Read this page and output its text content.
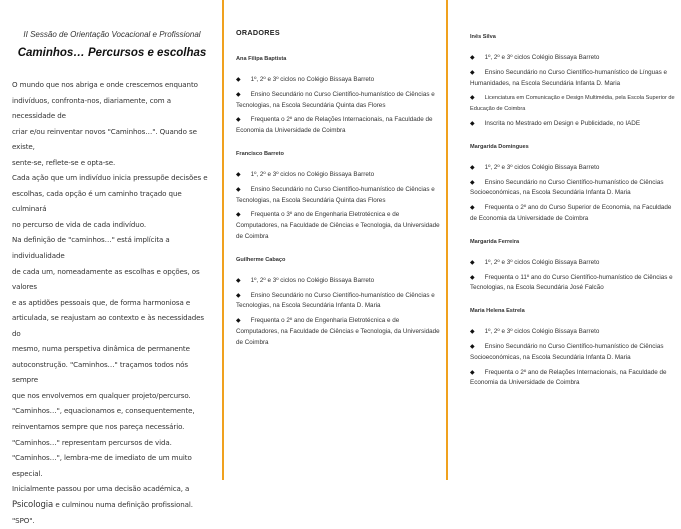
II Sessão de Orientação Vocacional e Profissional
Caminhos… Percursos e escolhas

O mundo que nos abriga e onde crescemos enquanto

indivíduos, confronta-nos, diariamente, com a necessidade de

criar e/ou reinventar novos "Caminhos…". Quando se existe,

sente-se, reflete-se e opta-se.

Cada ação que um indivíduo inicia pressupõe decisões e

escolhas, cada opção é um caminho traçado que culminará

no percurso de vida de cada indivíduo.

Na definição de "caminhos…" está implícita a individualidade

de cada um, nomeadamente as escolhas e opções, os valores

e as aptidões pessoais que, de forma harmoniosa e

articulada, se reajustam ao contexto e às necessidades do

mesmo, numa perspetiva dinâmica de permanente

autoconstrução. "Caminhos…" traçamos todos nós sempre

que nos envolvemos em qualquer projeto/percurso.

"Caminhos…", equacionamos e, consequentemente,

reinventamos sempre que nos pareça necessário.

"Caminhos…" representam percursos de vida.

"Caminhos…", lembra-me de imediato de um muito especial.

Inicialmente passou por uma decisão académica, a

Psicologia e culminou numa definição profissional. "SPO".

ORADORES
Ana Filipa Baptista
◆ 1º, 2º e 3º ciclos no Colégio Bissaya Barreto
◆ Ensino Secundário no Curso Científico-humanístico de Ciências e Tecnologias, na Escola Secundária Quinta das Flores
◆ Frequenta o 2º ano de Relações Internacionais, na Faculdade de Economia da Universidade de Coimbra
Francisco Barreto
◆ 1º, 2º e 3º ciclos no Colégio Bissaya Barreto
◆ Ensino Secundário no Curso Científico-humanístico de Ciências e Tecnologias, na Escola Secundária Quinta das Flores
◆ Frequenta o 3º ano de Engenharia Eletrotécnica e de Computadores, na Faculdade de Ciências e Tecnologia, da Universidade de Coimbra
Guilherme Cabaço
◆ 1º, 2º e 3º ciclos no Colégio Bissaya Barreto
◆ Ensino Secundário no Curso Científico-humanístico de Ciências e Tecnologias, na Escola Secundária Infanta D. Maria
◆ Frequenta o 2º ano de Engenharia Eletrotécnica e de Computadores, na Faculdade de Ciências e Tecnologia, da Universidade de Coimbra
Inês Silva
◆ 1º, 2º e 3º ciclos Colégio Bissaya Barreto
◆ Ensino Secundário no Curso Científico-humanístico de Línguas e Humanidades, na Escola Secundária Infanta D. Maria
◆ Licenciatura em Comunicação e Design Multimédia, pela Escola Superior de Educação de Coimbra
◆ Inscrita no Mestrado em Design e Publicidade, no IADE
Margarida Domingues
◆ 1º, 2º e 3º ciclos Colégio Bissaya Barreto
◆ Ensino Secundário no Curso Científico-humanístico de Ciências Socioeconómicas, na Escola Secundária Infanta D. Maria
◆ Frequenta o 2º ano do Curso Superior de Economia, na Faculdade de Economia da Universidade de Coimbra
Margarida Ferreira
◆ 1º, 2º e 3º ciclos Colégio Bissaya Barreto
◆ Frequenta o 11º ano do Curso Científico-humanístico de Ciências e Tecnologias, na Escola Secundária José Falcão
Maria Helena Estrela
◆ 1º, 2º e 3º ciclos Colégio Bissaya Barreto
◆ Ensino Secundário no Curso Científico-humanístico de Ciências Socioeconómicas, na Escola Secundária Infanta D. Maria
◆ Frequenta o 2º ano de Relações Internacionais, na Faculdade de Economia da Universidade de Coimbra
